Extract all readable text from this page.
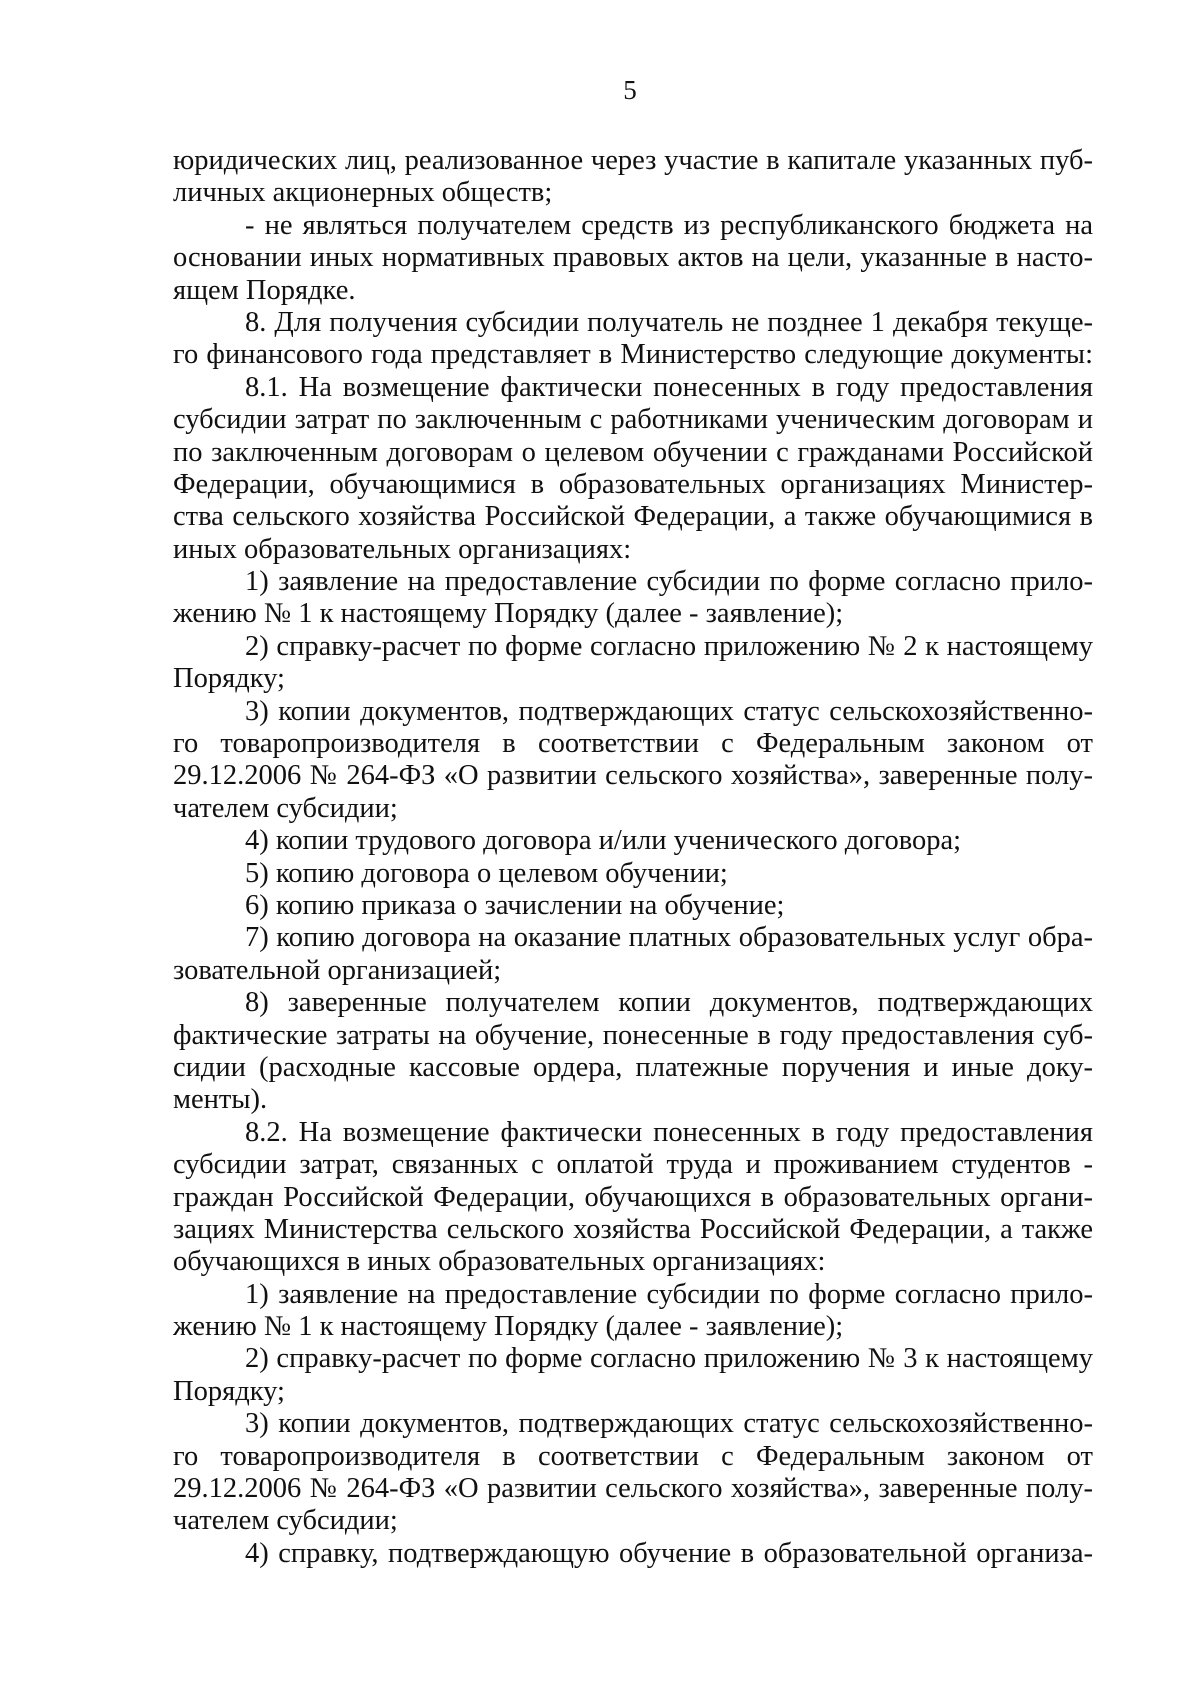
5
юридических лиц, реализованное через участие в капитале указанных пуб-
личных акционерных обществ;
- не являться получателем средств из республиканского бюджета на
основании иных нормативных правовых актов на цели, указанные в насто-
ящем Порядке.
8. Для получения субсидии получатель не позднее 1 декабря текуще-
го финансового года представляет в Министерство следующие документы:
8.1. На возмещение фактически понесенных в году предоставления
субсидии затрат по заключенным с работниками ученическим договорам и
по заключенным договорам о целевом обучении с гражданами Российской
Федерации, обучающимися в образовательных организациях Министер-
ства сельского хозяйства Российской Федерации, а также обучающимися в
иных образовательных организациях:
1) заявление на предоставление субсидии по форме согласно прило-
жению № 1 к настоящему Порядку (далее - заявление);
2) справку-расчет по форме согласно приложению № 2 к настоящему
Порядку;
3) копии документов, подтверждающих статус сельскохозяйственно-
го товаропроизводителя в соответствии с Федеральным законом от
29.12.2006 № 264-ФЗ «О развитии сельского хозяйства», заверенные полу-
чателем субсидии;
4) копии трудового договора и/или ученического договора;
5) копию договора о целевом обучении;
6) копию приказа о зачислении на обучение;
7) копию договора на оказание платных образовательных услуг обра-
зовательной организацией;
8) заверенные получателем копии документов, подтверждающих
фактические затраты на обучение, понесенные в году предоставления суб-
сидии (расходные кассовые ордера, платежные поручения и иные доку-
менты).
8.2. На возмещение фактически понесенных в году предоставления
субсидии затрат, связанных с оплатой труда и проживанием студентов -
граждан Российской Федерации, обучающихся в образовательных органи-
зациях Министерства сельского хозяйства Российской Федерации, а также
обучающихся в иных образовательных организациях:
1) заявление на предоставление субсидии по форме согласно прило-
жению № 1 к настоящему Порядку (далее - заявление);
2) справку-расчет по форме согласно приложению № 3 к настоящему
Порядку;
3) копии документов, подтверждающих статус сельскохозяйственно-
го товаропроизводителя в соответствии с Федеральным законом от
29.12.2006 № 264-ФЗ «О развитии сельского хозяйства», заверенные полу-
чателем субсидии;
4) справку, подтверждающую обучение в образовательной организа-
